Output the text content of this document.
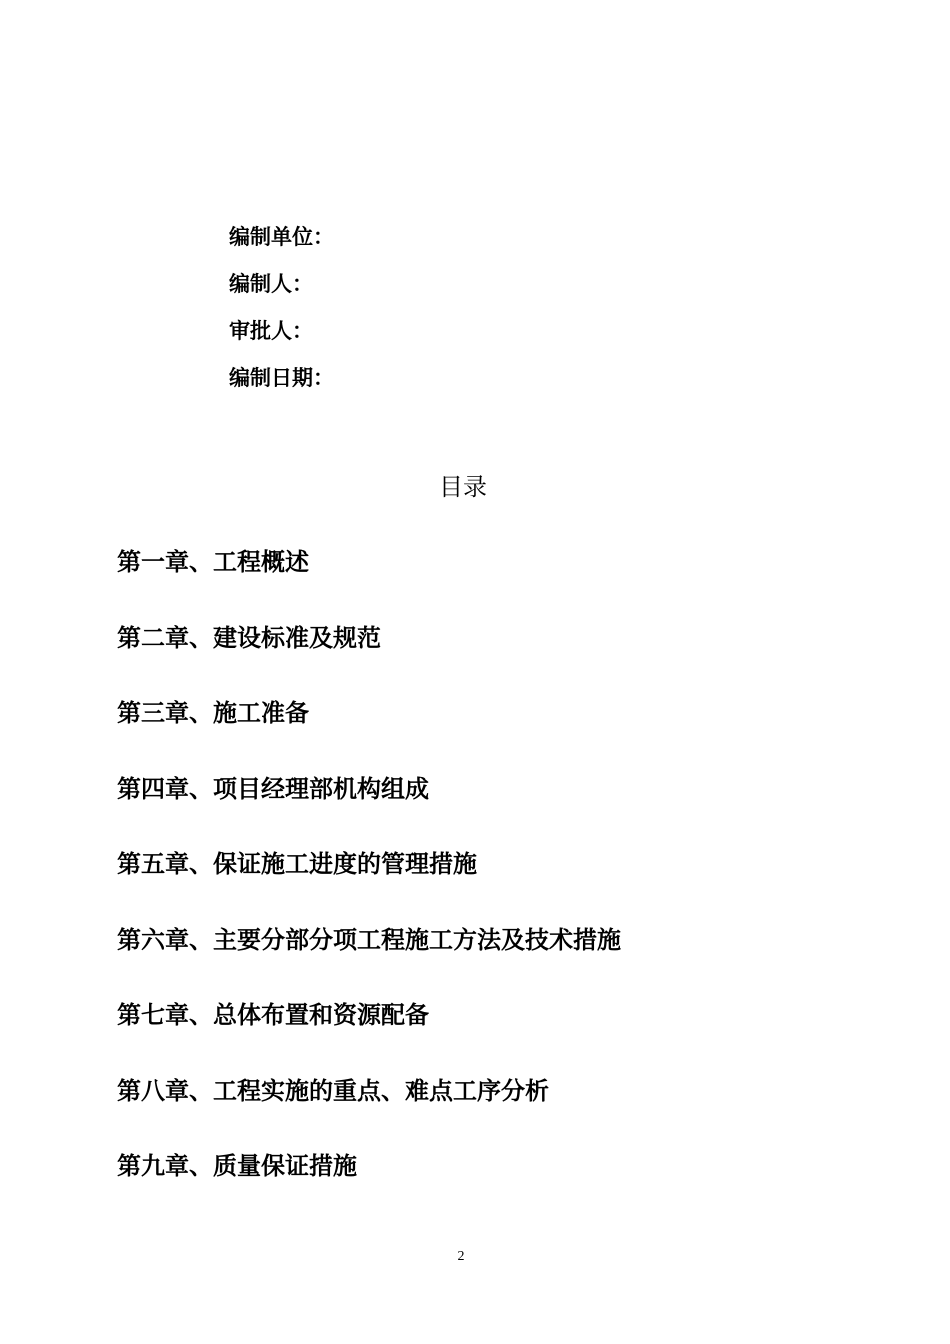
编制单位：
编制人：
审批人：
编制日期：
目录
第一章、工程概述
第二章、建设标准及规范
第三章、施工准备
第四章、项目经理部机构组成
第五章、保证施工进度的管理措施
第六章、主要分部分项工程施工方法及技术措施
第七章、总体布置和资源配备
第八章、工程实施的重点、难点工序分析
第九章、质量保证措施
2
